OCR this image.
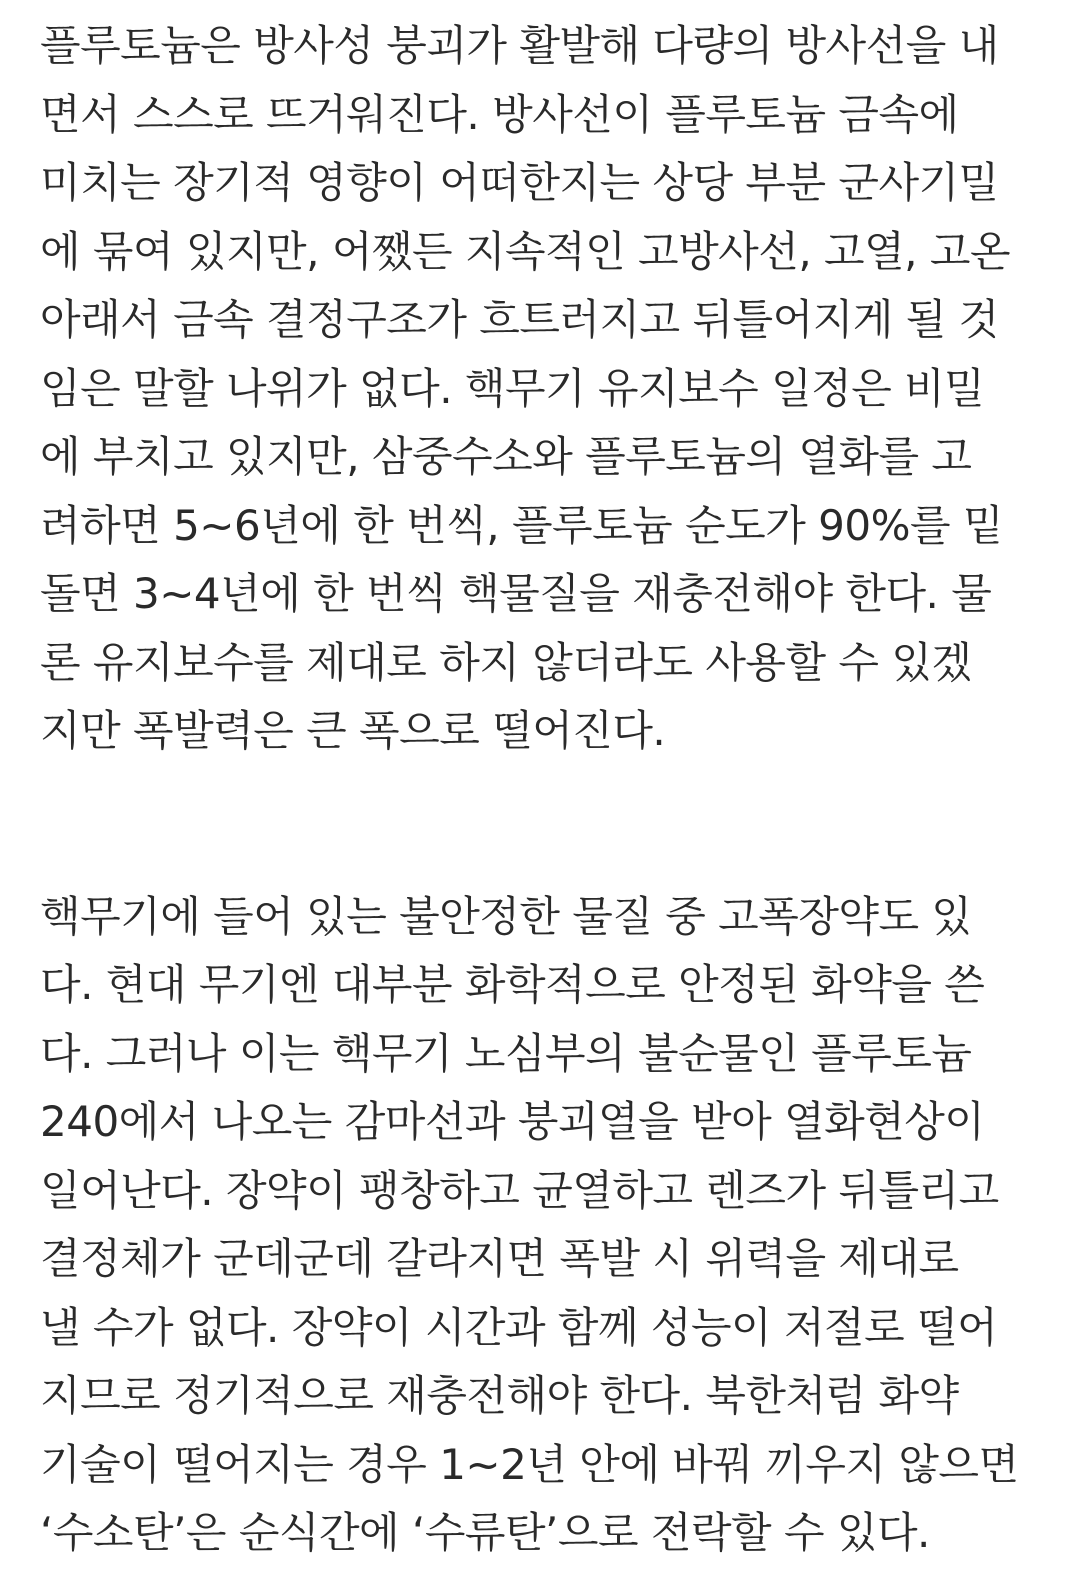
플루토늄은 방사성 붕괴가 활발해 다량의 방사선을 내
면서 스스로 뜨거워진다. 방사선이 플루토늄 금속에
미치는 장기적 영향이 어떠한지는 상당 부분 군사기밀
에 묶여 있지만, 어쨌든 지속적인 고방사선, 고열, 고온
아래서 금속 결정구조가 흐트러지고 뒤틀어지게 될 것
임은 말할 나위가 없다. 핵무기 유지보수 일정은 비밀
에 부치고 있지만, 삼중수소와 플루토늄의 열화를 고
려하면 5~6년에 한 번씩, 플루토늄 순도가 90%를 밑
돌면 3~4년에 한 번씩 핵물질을 재충전해야 한다. 물
론 유지보수를 제대로 하지 않더라도 사용할 수 있겠
지만 폭발력은 큰 폭으로 떨어진다.
핵무기에 들어 있는 불안정한 물질 중 고폭장약도 있
다. 현대 무기엔 대부분 화학적으로 안정된 화약을 쓴
다. 그러나 이는 핵무기 노심부의 불순물인 플루토늄
240에서 나오는 감마선과 붕괴열을 받아 열화현상이
일어난다. 장약이 팽창하고 균열하고 렌즈가 뒤틀리고
결정체가 군데군데 갈라지면 폭발 시 위력을 제대로
낼 수가 없다. 장약이 시간과 함께 성능이 저절로 떨어
지므로 정기적으로 재충전해야 한다. 북한처럼 화약
기술이 떨어지는 경우 1~2년 안에 바꿔 끼우지 않으면
‘수소탄’은 순식간에 ‘수류탄’으로 전락할 수 있다.
